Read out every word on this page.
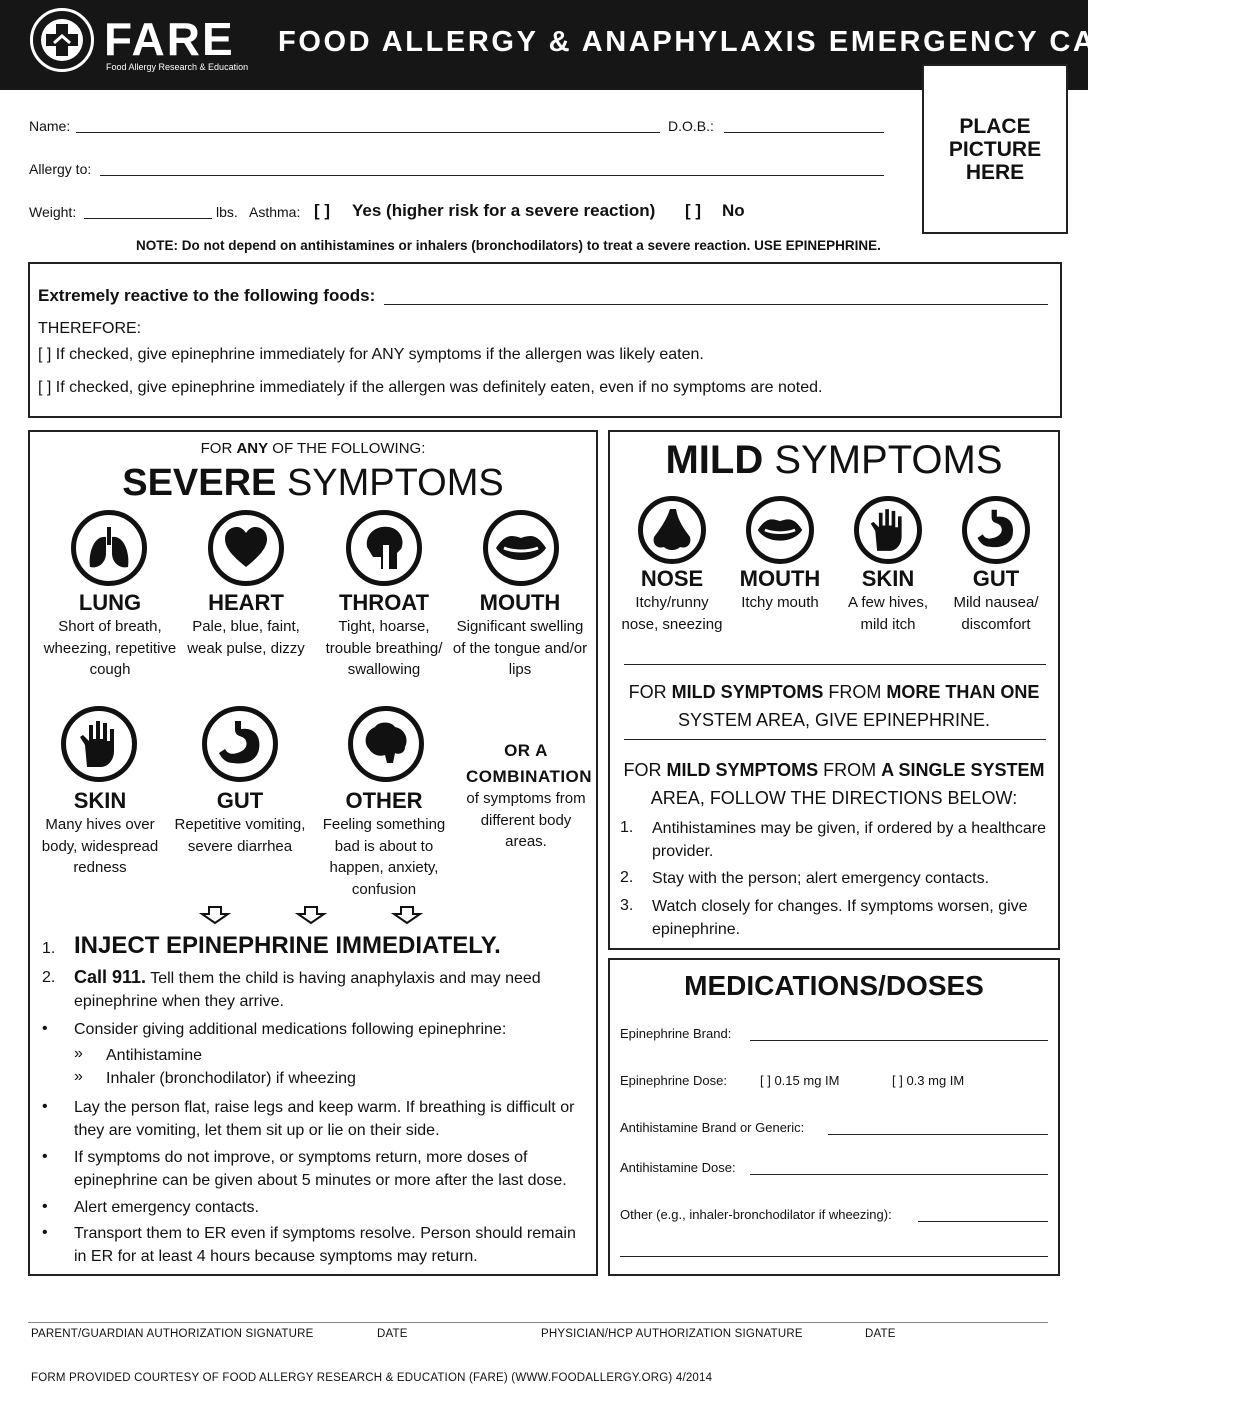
FARE
Food Allergy Research & Education
FOOD ALLERGY & ANAPHYLAXIS EMERGENCY CARE PLAN
PLACE PICTURE HERE
Name:	D.O.B.:
Allergy to:
Weight:	lbs. Asthma: [ ] Yes (higher risk for a severe reaction) [ ] No
NOTE: Do not depend on antihistamines or inhalers (bronchodilators) to treat a severe reaction. USE EPINEPHRINE.
Extremely reactive to the following foods:
THEREFORE:
[ ] If checked, give epinephrine immediately for ANY symptoms if the allergen was likely eaten.
[ ] If checked, give epinephrine immediately if the allergen was definitely eaten, even if no symptoms are noted.
FOR ANY OF THE FOLLOWING:
SEVERE SYMPTOMS
LUNG
Short of breath, wheezing, repetitive cough
HEART
Pale, blue, faint, weak pulse, dizzy
THROAT
Tight, hoarse, trouble breathing/ swallowing
MOUTH
Significant swelling of the tongue and/or lips
SKIN
Many hives over body, widespread redness
GUT
Repetitive vomiting, severe diarrhea
OTHER
Feeling something bad is about to happen, anxiety, confusion
OR A COMBINATION
of symptoms from different body areas.
1. INJECT EPINEPHRINE IMMEDIATELY.
2. Call 911. Tell them the child is having anaphylaxis and may need epinephrine when they arrive.
• Consider giving additional medications following epinephrine:
» Antihistamine
» Inhaler (bronchodilator) if wheezing
• Lay the person flat, raise legs and keep warm. If breathing is difficult or they are vomiting, let them sit up or lie on their side.
• If symptoms do not improve, or symptoms return, more doses of epinephrine can be given about 5 minutes or more after the last dose.
• Alert emergency contacts.
• Transport them to ER even if symptoms resolve. Person should remain in ER for at least 4 hours because symptoms may return.
MILD SYMPTOMS
NOSE
Itchy/runny nose, sneezing
MOUTH
Itchy mouth
SKIN
A few hives, mild itch
GUT
Mild nausea/ discomfort
FOR MILD SYMPTOMS FROM MORE THAN ONE
SYSTEM AREA, GIVE EPINEPHRINE.
FOR MILD SYMPTOMS FROM A SINGLE SYSTEM
AREA, FOLLOW THE DIRECTIONS BELOW:
1. Antihistamines may be given, if ordered by a healthcare provider.
2. Stay with the person; alert emergency contacts.
3. Watch closely for changes. If symptoms worsen, give epinephrine.
MEDICATIONS/DOSES
Epinephrine Brand:
Epinephrine Dose:	[ ] 0.15 mg IM	[ ] 0.3 mg IM
Antihistamine Brand or Generic:
Antihistamine Dose:
Other (e.g., inhaler-bronchodilator if wheezing):
PARENT/GUARDIAN AUTHORIZATION SIGNATURE	DATE	PHYSICIAN/HCP AUTHORIZATION SIGNATURE	DATE
FORM PROVIDED COURTESY OF FOOD ALLERGY RESEARCH & EDUCATION (FARE) (WWW.FOODALLERGY.ORG) 4/2014
